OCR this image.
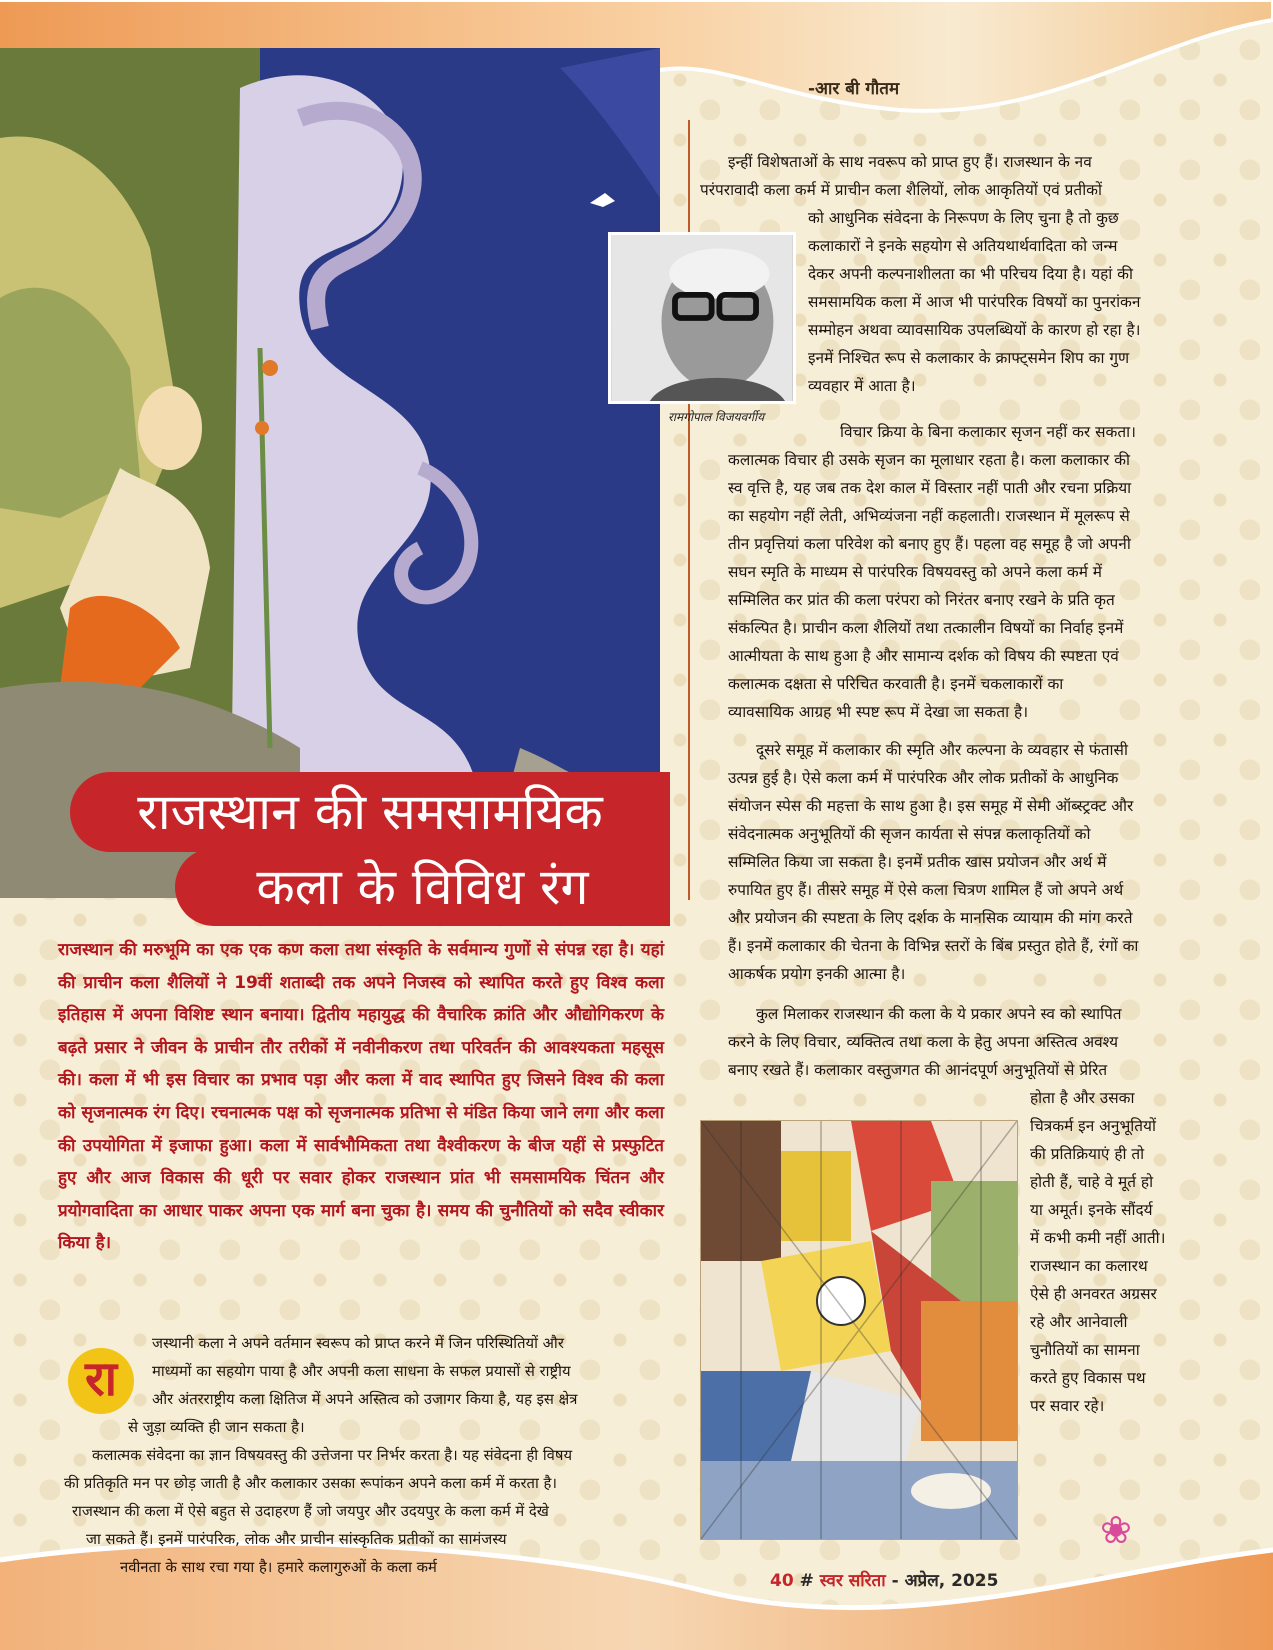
-आर बी गौतम
रामगोपाल विजयवर्गीय
राजस्थान की समसामयिक
कला के विविध रंग
राजस्थान की मरुभूमि का एक एक कण कला तथा संस्कृति के सर्वमान्य गुणों से संपन्न रहा है। यहां की प्राचीन कला शैलियों ने 19वीं शताब्दी तक अपने निजस्व को स्थापित करते हुए विश्व कला इतिहास में अपना विशिष्ट स्थान बनाया। द्वितीय महायुद्ध की वैचारिक क्रांति और औद्योगिकरण के बढ़ते प्रसार ने जीवन के प्राचीन तौर तरीकों में नवीनीकरण तथा परिवर्तन की आवश्यकता महसूस की। कला में भी इस विचार का प्रभाव पड़ा और कला में वाद स्थापित हुए जिसने विश्व की कला को सृजनात्मक रंग दिए। रचनात्मक पक्ष को सृजनात्मक प्रतिभा से मंडित किया जाने लगा और कला की उपयोगिता में इजाफा हुआ। कला में सार्वभौमिकता तथा वैश्वीकरण के बीज यहीं से प्रस्फुटित हुए और आज विकास की धूरी पर सवार होकर राजस्थान प्रांत भी समसामयिक चिंतन और प्रयोगवादिता का आधार पाकर अपना एक मार्ग बना चुका है। समय की चुनौतियों को सदैव स्वीकार किया है।
रा
जस्थानी कला ने अपने वर्तमान स्वरूप को प्राप्त करने में जिन परिस्थितियों और
माध्यमों का सहयोग पाया है और अपनी कला साधना के सफल प्रयासों से राष्ट्रीय
और अंतरराष्ट्रीय कला क्षितिज में अपने अस्तित्व को उजागर किया है, यह इस क्षेत्र
से जुड़ा व्यक्ति ही जान सकता है।
कलात्मक संवेदना का ज्ञान विषयवस्तु की उत्तेजना पर निर्भर करता है। यह संवेदना ही विषय
की प्रतिकृति मन पर छोड़ जाती है और कलाकार उसका रूपांकन अपने कला कर्म में करता है।
राजस्थान की कला में ऐसे बहुत से उदाहरण हैं जो जयपुर और उदयपुर के कला कर्म में देखे
जा सकते हैं। इनमें पारंपरिक, लोक और प्राचीन सांस्कृतिक प्रतीकों का सामंजस्य
नवीनता के साथ रचा गया है। हमारे कलागुरुओं के कला कर्म
इन्हीं विशेषताओं के साथ नवरूप को प्राप्त हुए हैं। राजस्थान के नव
परंपरावादी कला कर्म में प्राचीन कला शैलियों, लोक आकृतियों एवं प्रतीकों
को आधुनिक संवेदना के निरूपण के लिए चुना है तो कुछ
कलाकारों ने इनके सहयोग से अतियथार्थवादिता को जन्म
देकर अपनी कल्पनाशीलता का भी परिचय दिया है। यहां की
समसामयिक कला में आज भी पारंपरिक विषयों का पुनरांकन
सम्मोहन अथवा व्यावसायिक उपलब्धियों के कारण हो रहा है।
इनमें निश्चित रूप से कलाकार के क्राफ्ट्समेन शिप का गुण
व्यवहार में आता है।
विचार क्रिया के बिना कलाकार सृजन नहीं कर सकता।
कलात्मक विचार ही उसके सृजन का मूलाधार रहता है। कला कलाकार की
स्व वृत्ति है, यह जब तक देश काल में विस्तार नहीं पाती और रचना प्रक्रिया
का सहयोग नहीं लेती, अभिव्यंजना नहीं कहलाती। राजस्थान में मूलरूप से
तीन प्रवृत्तियां कला परिवेश को बनाए हुए हैं। पहला वह समूह है जो अपनी
सघन स्मृति के माध्यम से पारंपरिक विषयवस्तु को अपने कला कर्म में
सम्मिलित कर प्रांत की कला परंपरा को निरंतर बनाए रखने के प्रति कृत
संकल्पित है। प्राचीन कला शैलियों तथा तत्कालीन विषयों का निर्वाह इनमें
आत्मीयता के साथ हुआ है और सामान्य दर्शक को विषय की स्पष्टता एवं
कलात्मक दक्षता से परिचित करवाती है। इनमें चकलाकारों का
व्यावसायिक आग्रह भी स्पष्ट रूप में देखा जा सकता है।
दूसरे समूह में कलाकार की स्मृति और कल्पना के व्यवहार से फंतासी
उत्पन्न हुई है। ऐसे कला कर्म में पारंपरिक और लोक प्रतीकों के आधुनिक
संयोजन स्पेस की महत्ता के साथ हुआ है। इस समूह में सेमी ऑब्स्ट्रक्ट और
संवेदनात्मक अनुभूतियों की सृजन कार्यता से संपन्न कलाकृतियों को
सम्मिलित किया जा सकता है। इनमें प्रतीक खास प्रयोजन और अर्थ में
रुपायित हुए हैं। तीसरे समूह में ऐसे कला चित्रण शामिल हैं जो अपने अर्थ
और प्रयोजन की स्पष्टता के लिए दर्शक के मानसिक व्यायाम की मांग करते
हैं। इनमें कलाकार की चेतना के विभिन्न स्तरों के बिंब प्रस्तुत होते हैं, रंगों का
आकर्षक प्रयोग इनकी आत्मा है।
कुल मिलाकर राजस्थान की कला के ये प्रकार अपने स्व को स्थापित
करने के लिए विचार, व्यक्तित्व तथा कला के हेतु अपना अस्तित्व अवश्य
बनाए रखते हैं। कलाकार वस्तुजगत की आनंदपूर्ण अनुभूतियों से प्रेरित
होता है और उसका
चित्रकर्म इन अनुभूतियों
की प्रतिक्रियाएं ही तो
होती हैं, चाहे वे मूर्त हो
या अमूर्त। इनके सौंदर्य
में कभी कमी नहीं आती।
राजस्थान का कलारथ
ऐसे ही अनवरत अग्रसर
रहे और आनेवाली
चुनौतियों का सामना
करते हुए विकास पथ
पर सवार रहे।
❀
40 # स्वर सरिता - अप्रेल, 2025
